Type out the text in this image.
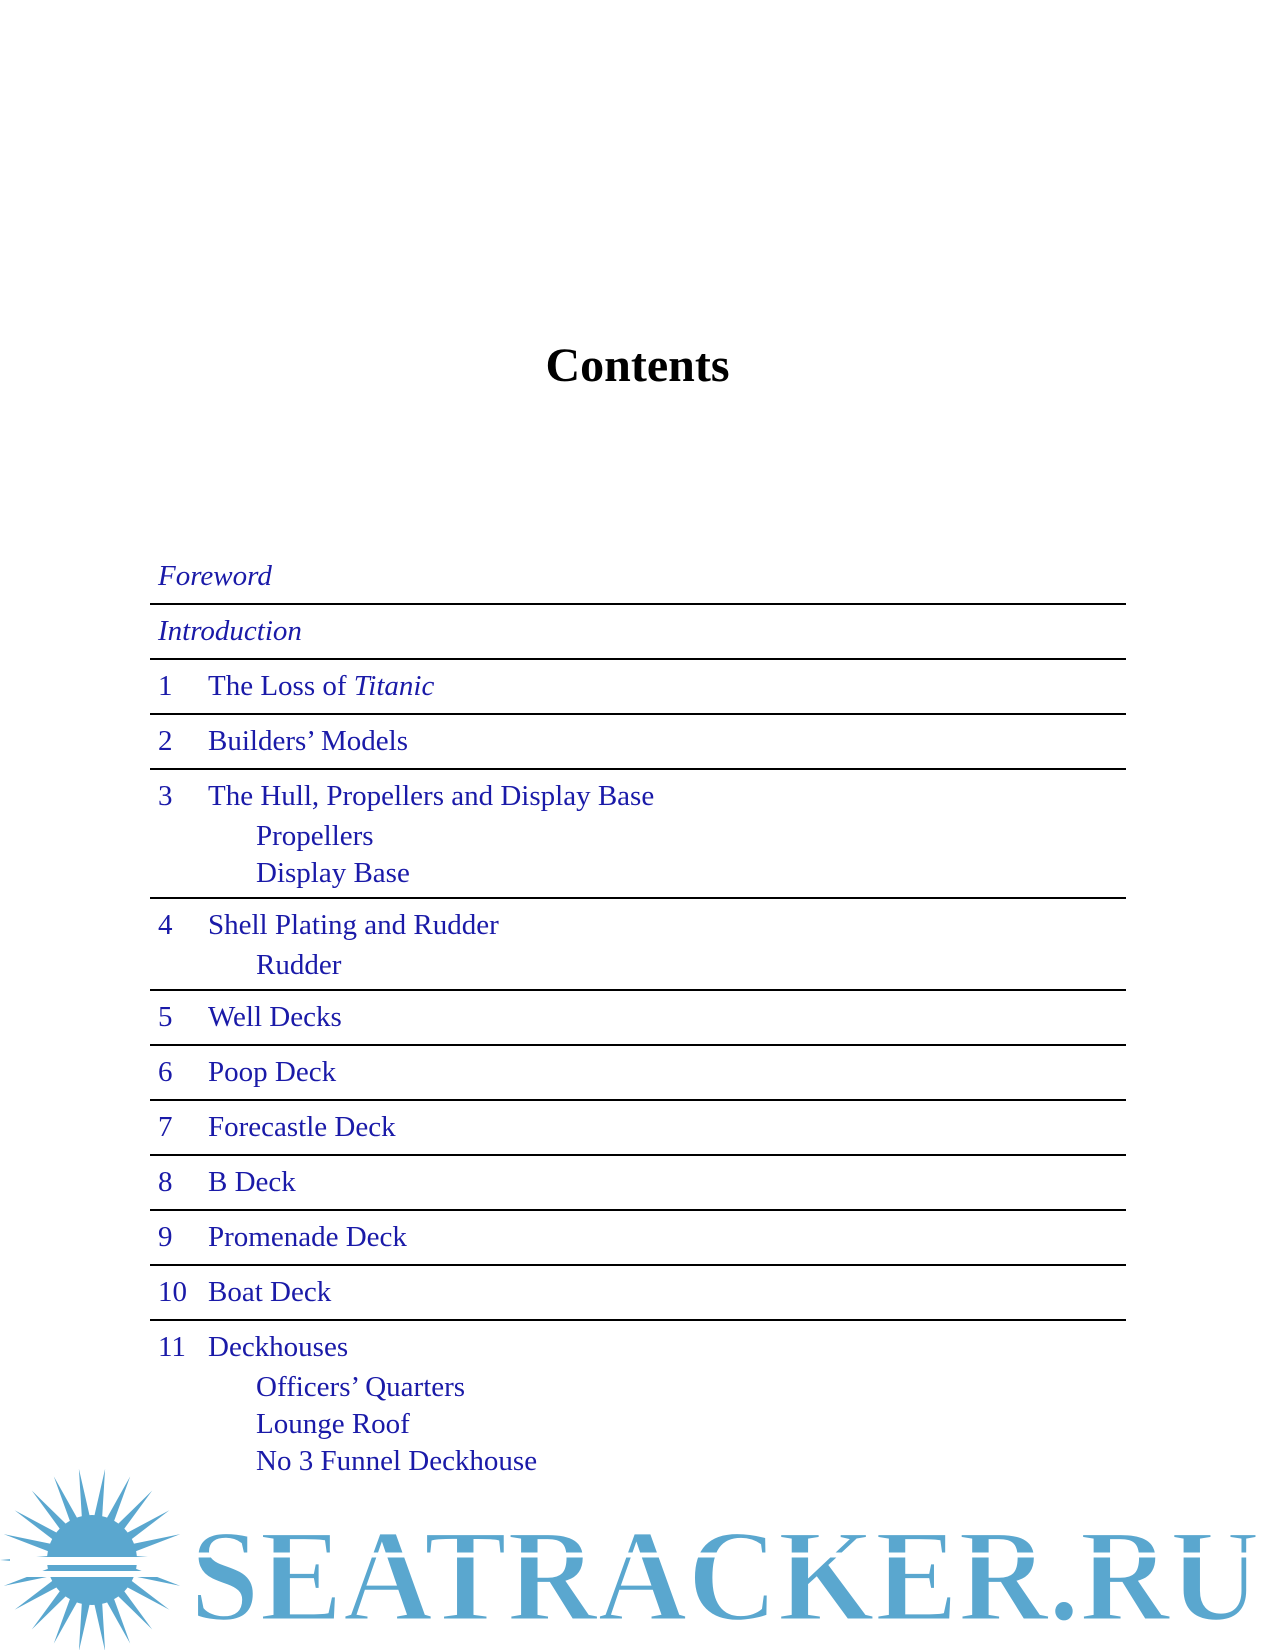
Contents
Foreword
Introduction
1	The Loss of Titanic
2	Builders’ Models
3	The Hull, Propellers and Display Base
Propellers
Display Base
4	Shell Plating and Rudder
Rudder
5	Well Decks
6	Poop Deck
7	Forecastle Deck
8	B Deck
9	Promenade Deck
10 Boat Deck
11 Deckhouses
Officers’ Quarters
Lounge Roof
No 3 Funnel Deckhouse
SEATRACKER.RU
